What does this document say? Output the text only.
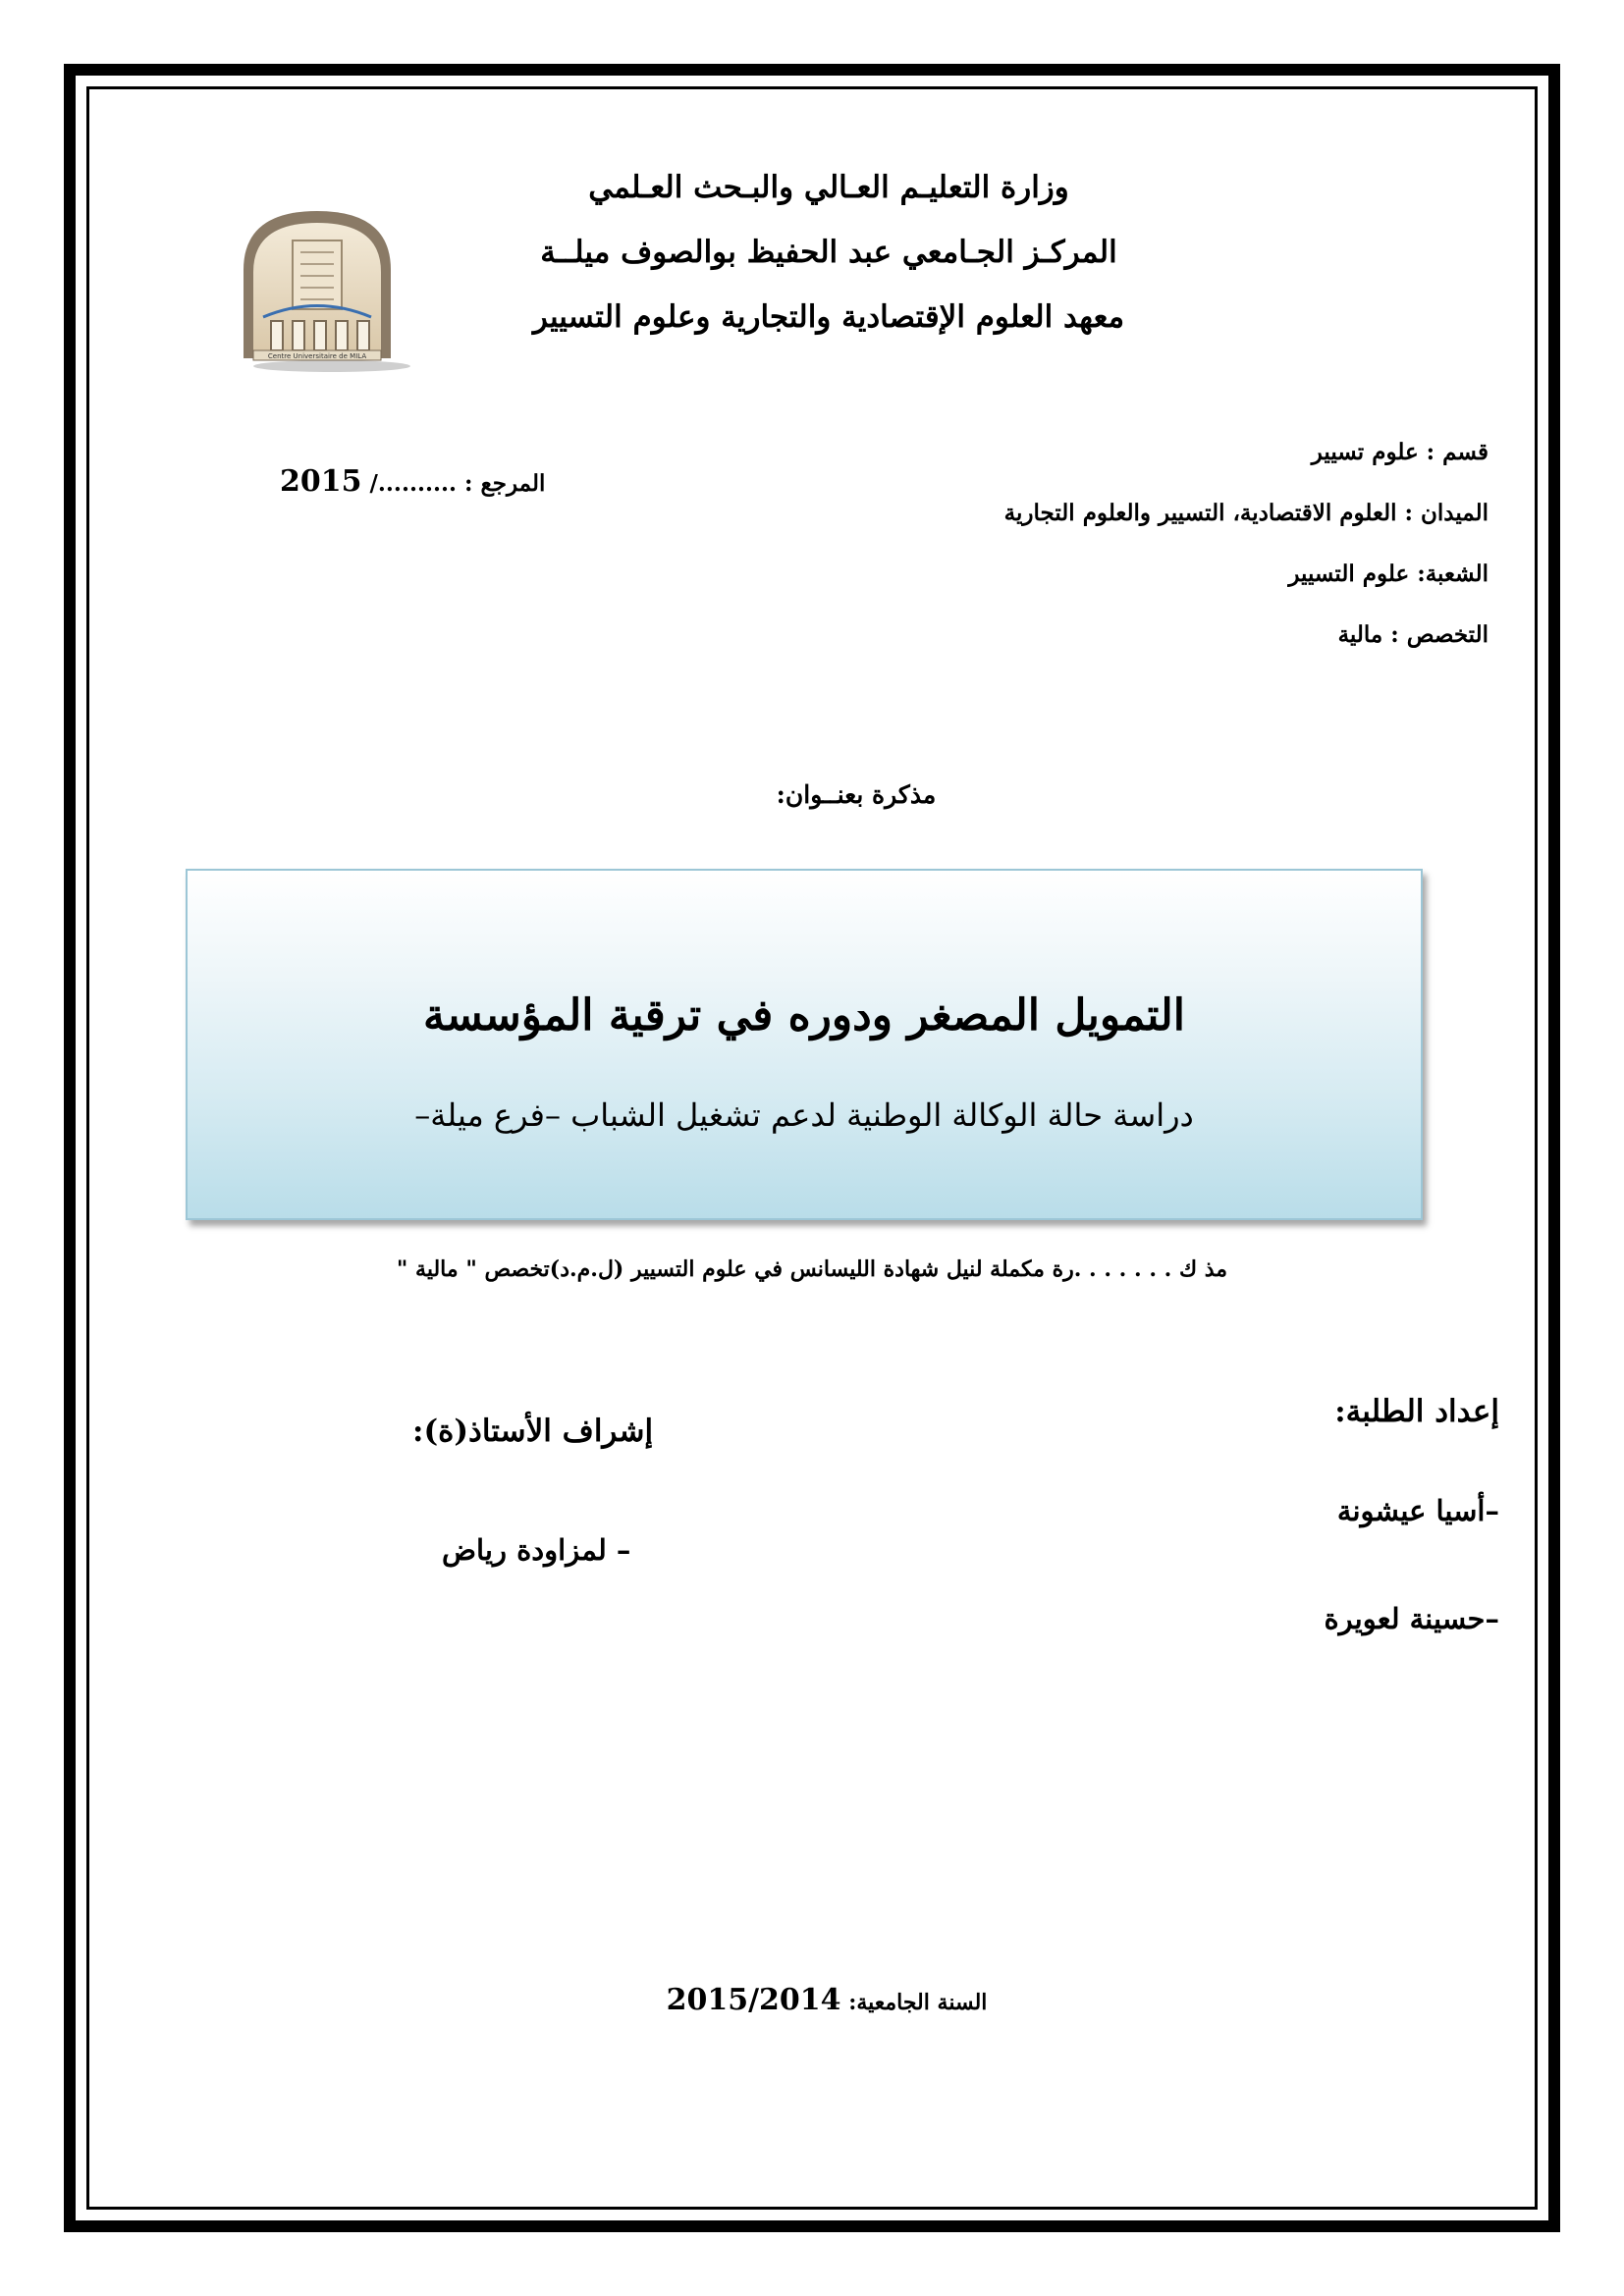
وزارة التعليـم العـالي والبـحث العـلمي
المركـز الجـامعي عبد الحفيظ بوالصوف ميلــة
معهد العلوم الإقتصادية والتجارية وعلوم التسيير
Centre Universitaire de MILA
قسم : علوم تسيير
الميدان : العلوم الاقتصادية، التسيير والعلوم التجارية
الشعبة: علوم التسيير
التخصص : مالية
المرجع : ........../ 2015
مذكرة بعنــوان:
التمويل المصغر ودوره في ترقية المؤسسة
دراسة حالة الوكالة الوطنية لدعم تشغيل الشباب –فرع ميلة–
مذ ك . . . . . . .رة مكملة لنيل شهادة الليسانس في علوم التسيير (ل.م.د)تخصص " مالية "
إعداد الطلبة:
–أسيا عيشونة
–حسينة لعويرة
إشراف الأستاذ(ة):
– لمزاودة رياض
السنة الجامعية: 2015/2014
